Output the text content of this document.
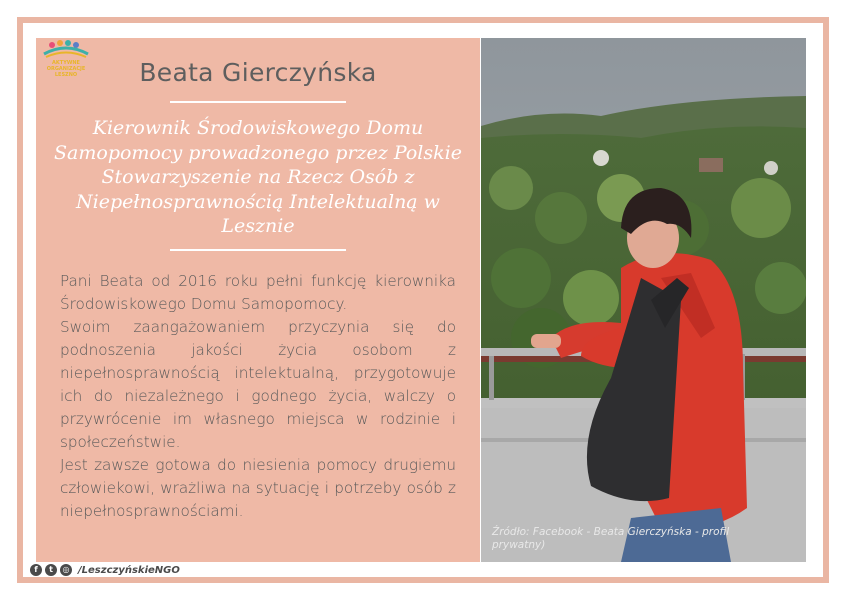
AKTYWNE
ORGANIZACJE
LESZNO	Beata Gierczyńska
Kierownik Środowiskowego Domu Samopomocy prowadzonego przez Polskie Stowarzyszenie na Rzecz Osób z Niepełnosprawnością Intelektualną w Lesznie

Pani Beata od 2016 roku pełni funkcję kierownika Środowiskowego Domu Samopomocy.

Swoim zaangażowaniem przyczynia się do podnoszenia jakości życia osobom z niepełnosprawnością intelektualną, przygotowuje ich do niezależnego i godnego życia, walczy o przywrócenie im własnego miejsca w rodzinie i społeczeństwie.

Jest zawsze gotowa do niesienia pomocy drugiemu człowiekowi, wrażliwa na sytuację i potrzeby osób z niepełnosprawnościami.

Źródło: Facebook - Beata Gierczyńska - profil prywatny)
f	t	◎ /LeszczyńskieNGO
